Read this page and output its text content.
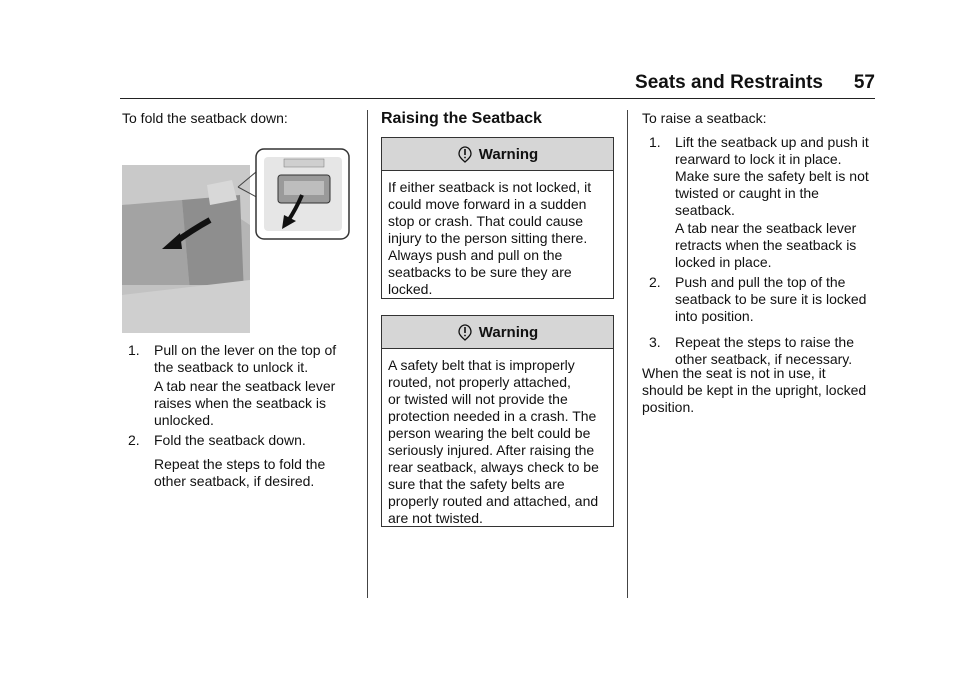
Seats and Restraints 57

To fold the seatback down:

1. Pull on the lever on the top of

the seatback to unlock it.

A tab near the seatback lever

raises when the seatback is

unlocked.

2. Fold the seatback down.

Repeat the steps to fold the

other seatback, if desired.

Raising the Seatback
Warning

If either seatback is not locked, it

could move forward in a sudden

stop or crash. That could cause

injury to the person sitting there.

Always push and pull on the

seatbacks to be sure they are

locked.

Warning

A safety belt that is improperly

routed, not properly attached,

or twisted will not provide the

protection needed in a crash. The

person wearing the belt could be

seriously injured. After raising the

rear seatback, always check to be

sure that the safety belts are

properly routed and attached, and

are not twisted.

To raise a seatback:

1. Lift the seatback up and push it

rearward to lock it in place.

Make sure the safety belt is not

twisted or caught in the

seatback.

A tab near the seatback lever

retracts when the seatback is

locked in place.

2. Push and pull the top of the

seatback to be sure it is locked

into position.

3. Repeat the steps to raise the

other seatback, if necessary.

When the seat is not in use, it

should be kept in the upright, locked

position.
